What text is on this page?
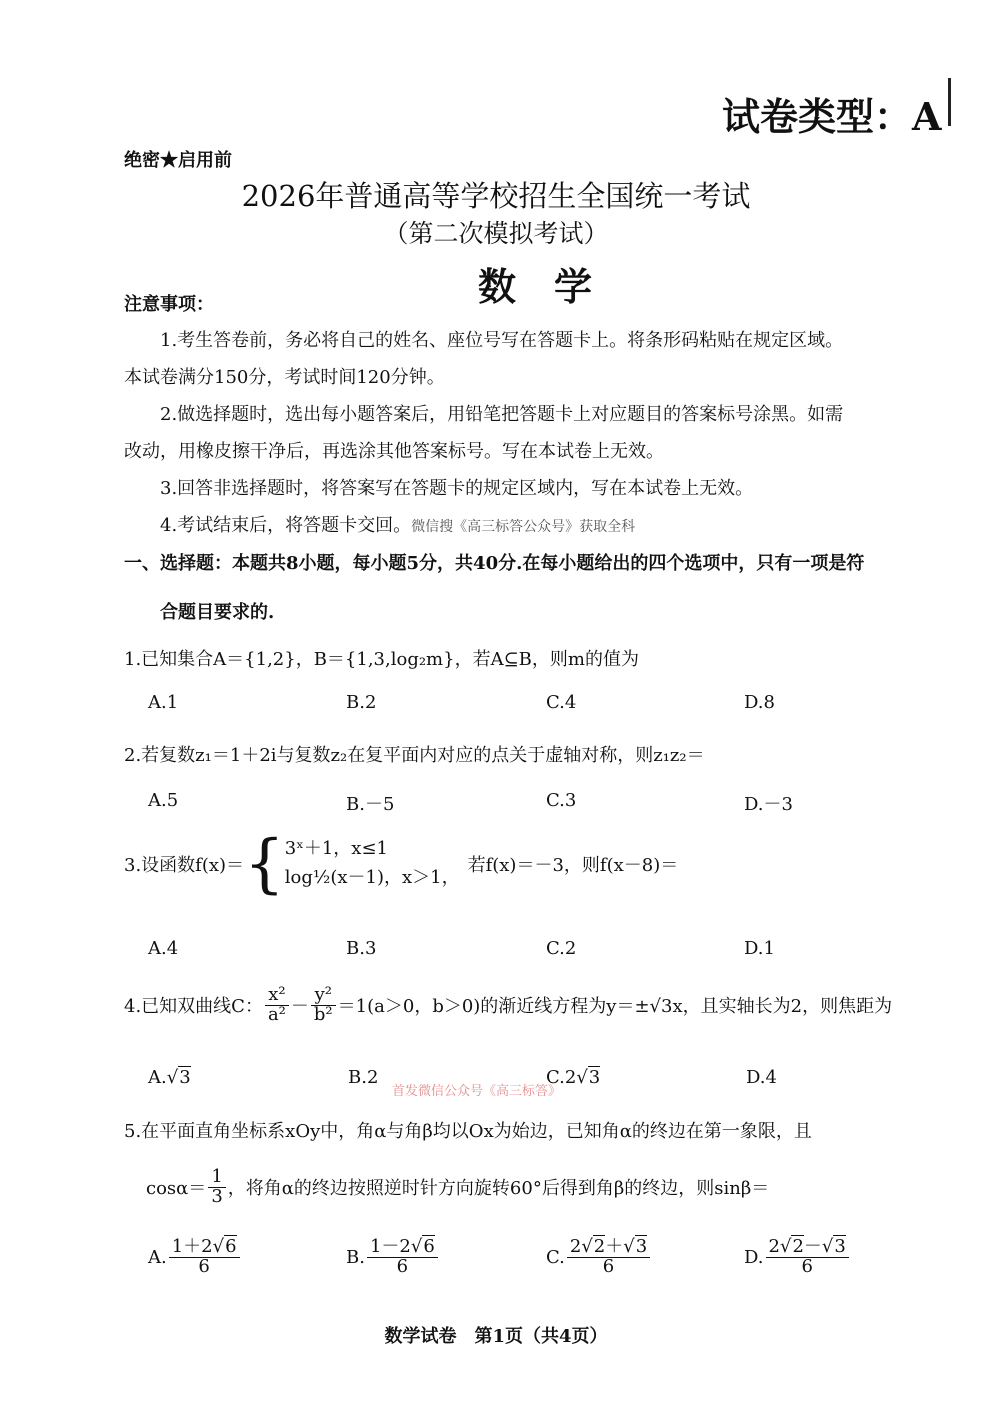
试卷类型：A
绝密★启用前
2026年普通高等学校招生全国统一考试
（第二次模拟考试）
数　学
注意事项：
1.考生答卷前，务必将自己的姓名、座位号写在答题卡上。将条形码粘贴在规定区域。
本试卷满分150分，考试时间120分钟。
2.做选择题时，选出每小题答案后，用铅笔把答题卡上对应题目的答案标号涂黑。如需
改动，用橡皮擦干净后，再选涂其他答案标号。写在本试卷上无效。
3.回答非选择题时，将答案写在答题卡的规定区域内，写在本试卷上无效。
4.考试结束后，将答题卡交回。微信搜《高三标答公众号》获取全科
一、选择题：本题共8小题，每小题5分，共40分.在每小题给出的四个选项中，只有一项是符
合题目要求的.
1.已知集合A＝{1,2}，B＝{1,3,log₂m}，若A⊆B，则m的值为
A.1	B.2	C.4	D.8
2.若复数z₁＝1＋2i与复数z₂在复平面内对应的点关于虚轴对称，则z₁z₂＝
A.5	B.－5	C.3	D.－3
3.设函数f(x)＝ { 3ˣ＋1，x≤1
log½(x－1)，x＞1，
若f(x)＝－3，则f(x－8)＝
A.4	B.3	C.2	D.1
4.已知双曲线C： $\frac{\text{x²}}{\text{a²}} - \frac{\text{y²}}{\text{b²}} =1(a>0$，b＞0)的渐近线方程为y＝±√3x，且实轴长为2，则焦距为
A.√3	B.2	C.2√3	D.4
首发微信公众号《高三标答》
5.在平面直角坐标系xOy中，角α与角β均以Ox为始边，已知角α的终边在第一象限，且
$\cos\alpha= \frac{1}{3}$ ，将角α的终边按照逆时针方向旋转60°后得到角β的终边，则sinβ＝
A. $\frac{1+2√6}{6}$	B. $\frac{1-2√6}{6}$	C. $\frac{2√2+√3}{6}$	D. $\frac{2√2-√3}{6}$
数学试卷　第1页（共4页）
